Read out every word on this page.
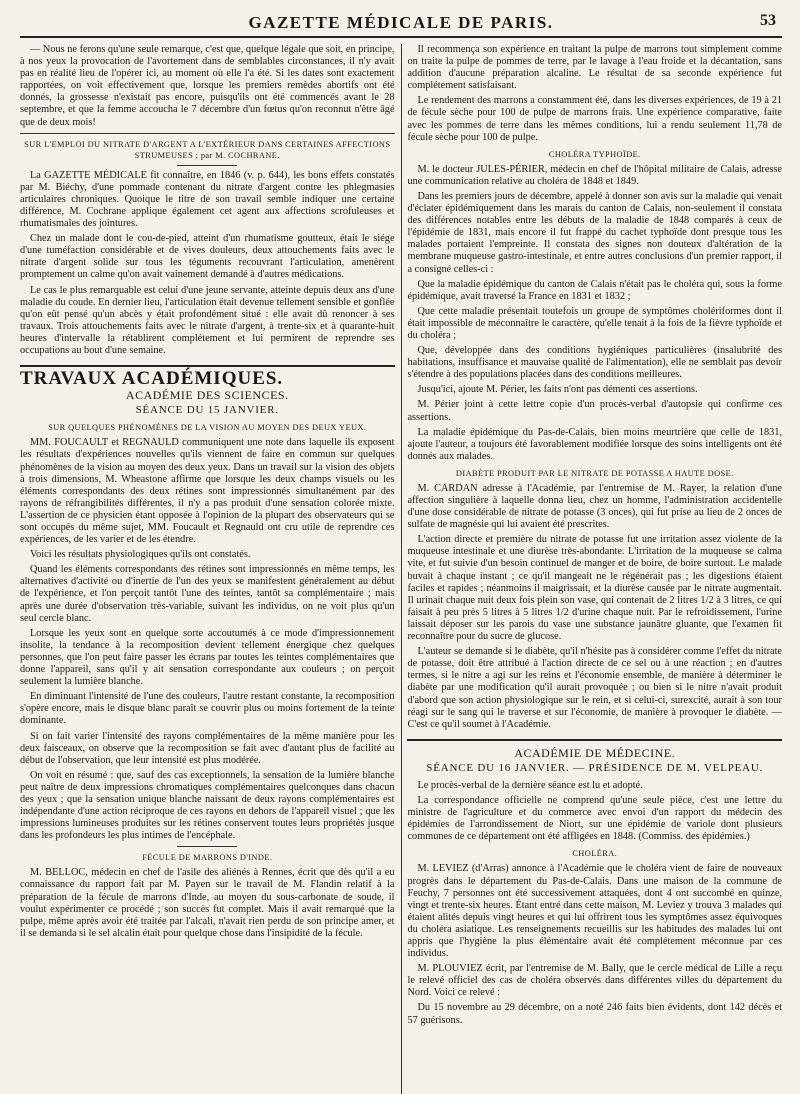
GAZETTE MÉDICALE DE PARIS.	53

— Nous ne ferons qu'une seule remarque, c'est que, quelque légale que soit, en principe, à nos yeux la provocation de l'avortement dans de semblables circonstances, il n'y avait pas en réalité lieu de l'opérer ici, au moment où elle l'a été. Si les dates sont exactement rapportées, on voit effectivement que, lorsque les premiers remèdes abortifs ont été donnés, la grossesse n'existait pas encore, puisqu'ils ont été commencés avant le 28 septembre, et que la femme accoucha le 7 décembre d'un fœtus qu'on reconnut n'être âgé que de deux mois!

SUR L'EMPLOI DU NITRATE D'ARGENT A L'EXTÉRIEUR DANS CERTAINES AFFECTIONS STRUMEUSES ; par M. COCHRANE.

La GAZETTE MÉDICALE fit connaître, en 1846 (v. p. 644), les bons effets constatés par M. Biéchy, d'une pommade contenant du nitrate d'argent contre les phlegmasies articulaires chroniques. Quoique le titre de son travail semble indiquer une certaine différence, M. Cochrane applique également cet agent aux affections scrofuleuses et rhumatismales des jointures.

Chez un malade dont le cou-de-pied, atteint d'un rhumatisme goutteux, était le siége d'une tuméfaction considérable et de vives douleurs, deux attouchements faits avec le nitrate d'argent solide sur tous les téguments recouvrant l'articulation, amenèrent promptement un calme qu'on avait vainement demandé à d'autres médications.

Le cas le plus remarquable est celui d'une jeune servante, atteinte depuis deux ans d'une maladie du coude. En dernier lieu, l'articulation était devenue tellement sensible et gonflée qu'on eût pensé qu'un abcès y était profondément situé : elle avait dû renoncer à ses travaux. Trois attouchements faits avec le nitrate d'argent, à trente-six et à quarante-huit heures d'intervalle la rétablirent complétement et lui permirent de reprendre ses occupations au bout d'une semaine.

TRAVAUX ACADÉMIQUES.
ACADÉMIE DES SCIENCES.
SÉANCE DU 15 JANVIER.
SUR QUELQUES PHÉNOMÈNES DE LA VISION AU MOYEN DES DEUX YEUX.

MM. FOUCAULT et REGNAULD communiquent une note dans laquelle ils exposent les résultats d'expériences nouvelles qu'ils viennent de faire en commun sur quelques phénomènes de la vision au moyen des deux yeux. Dans un travail sur la vision des objets à trois dimensions, M. Wheastone affirme que lorsque les deux champs visuels ou les éléments correspondants des deux rétines sont impressionnés simultanément par des rayons de réfrangibilités différentes, il n'y a pas produit d'une sensation colorée mixte. L'assertion de ce physicien étant opposée à l'opinion de la plupart des observateurs qui se sont occupés du même sujet, MM. Foucault et Regnauld ont cru utile de reprendre ces expériences, de les varier et de les étendre.

Voici les résultats physiologiques qu'ils ont constatés.

Quand les éléments correspondants des rétines sont impressionnés en même temps, les alternatives d'activité ou d'inertie de l'un des yeux se manifestent généralement au début de l'expérience, et l'on perçoit tantôt l'une des teintes, tantôt sa complémentaire ; mais après une durée d'observation très-variable, suivant les individus, on ne voit plus qu'un seul cercle blanc.

Lorsque les yeux sont en quelque sorte accoutumés à ce mode d'impressionnement insolite, la tendance à la recomposition devient tellement énergique chez quelques personnes, que l'on peut faire passer les écrans par toutes les teintes complémentaires que donne l'appareil, sans qu'il y ait sensation correspondante aux couleurs ; on perçoit seulement la lumière blanche.

En diminuant l'intensité de l'une des couleurs, l'autre restant constante, la recomposition s'opère encore, mais le disque blanc paraît se couvrir plus ou moins fortement de la teinte dominante.

Si on fait varier l'intensité des rayons complémentaires de la même manière pour les deux faisceaux, on observe que la recomposition se fait avec d'autant plus de facilité au début de l'observation, que leur intensité est plus modérée.

On voit en résumé : que, sauf des cas exceptionnels, la sensation de la lumière blanche peut naître de deux impressions chromatiques complémentaires quelconques dans chacun des yeux ; que la sensation unique blanche naissant de deux rayons complémentaires est indépendante d'une action réciproque de ces rayons en dehors de l'appareil visuel ; que les impressions lumineuses produites sur les rétines conservent toutes leurs propriétés jusque dans les profondeurs les plus intimes de l'encéphale.

FÉCULE DE MARRONS D'INDE.

M. BELLOC, médecin en chef de l'asile des aliénés à Rennes, écrit que dès qu'il a eu connaissance du rapport fait par M. Payen sur le travail de M. Flandin relatif à la préparation de la fécule de marrons d'Inde, au moyen du sous-carbonate de soude, il voulut expérimenter ce procédé ; son succès fut complet. Mais il avait remarqué que la pulpe, même après avoir été traitée par l'alcali, n'avait rien perdu de son principe amer, et il se demanda si le sel alcalin était pour quelque chose dans l'insipidité de la fécule.

Il recommença son expérience en traitant la pulpe de marrons tout simplement comme on traite la pulpe de pommes de terre, par le lavage à l'eau froide et la décantation, sans addition d'aucune préparation alcaline. Le résultat de sa seconde expérience fut complétement satisfaisant.

Le rendement des marrons a constamment été, dans les diverses expériences, de 19 à 21 de fécule sèche pour 100 de pulpe de marrons frais. Une expérience comparative, faite avec les pommes de terre dans les mêmes conditions, lui a rendu seulement 11,78 de fécule sèche pour 100 de pulpe.

CHOLÉRA TYPHOÏDE.

M. le docteur JULES-PÉRIER, médecin en chef de l'hôpital militaire de Calais, adresse une communication relative au choléra de 1848 et 1849.

Dans les premiers jours de décembre, appelé à donner son avis sur la maladie qui venait d'éclater épidémiquement dans les marais du canton de Calais, non-seulement il constata des différences notables entre les débuts de la maladie de 1848 comparés à ceux de l'épidémie de 1831, mais encore il fut frappé du cachet typhoïde dont presque tous les malades portaient l'empreinte. Il constata des signes non douteux d'altération de la membrane muqueuse gastro-intestinale, et entre autres conclusions d'un premier rapport, il a consigné celles-ci :

Que la maladie épidémique du canton de Calais n'était pas le choléra qui, sous la forme épidémique, avait traversé la France en 1831 et 1832 ;

Que cette maladie présentait toutefois un groupe de symptômes cholériformes dont il était impossible de méconnaître le caractère, qu'elle tenait à la fois de la fièvre typhoïde et du choléra ;

Que, développée dans des conditions hygiéniques particulières (insalubrité des habitations, insuffisance et mauvaise qualité de l'alimentation), elle ne semblait pas devoir s'étendre à des populations placées dans des conditions meilleures.

Jusqu'ici, ajoute M. Périer, les faits n'ont pas démenti ces assertions.

M. Périer joint à cette lettre copie d'un procès-verbal d'autopsie qui confirme ces assertions.

La maladie épidémique du Pas-de-Calais, bien moins meurtrière que celle de 1831, ajoute l'auteur, a toujours été favorablement modifiée lorsque des soins intelligents ont été donnés aux malades.

DIABÈTE PRODUIT PAR LE NITRATE DE POTASSE A HAUTE DOSE.

M. CARDAN adresse à l'Académie, par l'entremise de M. Rayer, la relation d'une affection singulière à laquelle donna lieu, chez un homme, l'administration accidentelle d'une dose considérable de nitrate de potasse (3 onces), qui fut prise au lieu de 2 onces de sulfate de magnésie qui lui avaient été prescrites.

L'action directe et première du nitrate de potasse fut une irritation assez violente de la muqueuse intestinale et une diurèse très-abondante. L'irritation de la muqueuse se calma vite, et fut suivie d'un besoin continuel de manger et de boire, de boire surtout. Le malade buvait à chaque instant ; ce qu'il mangeait ne le régénérait pas ; les digestions étaient faciles et rapides ; néanmoins il maigrissait, et la diurèse causée par le nitrate augmentait. Il urinait chaque nuit deux fois plein son vase, qui contenait de 2 litres 1/2 à 3 litres, ce qui faisait à peu près 5 litres à 5 litres 1/2 d'urine chaque nuit. Par le refroidissement, l'urine laissait déposer sur les parois du vase une substance jaunâtre gluante, que l'examen fit reconnaître pour du sucre de glucose.

L'auteur se demande si le diabète, qu'il n'hésite pas à considérer comme l'effet du nitrate de potasse, doit être attribué à l'action directe de ce sel ou à une réaction ; en d'autres termes, si le nitre a agi sur les reins et l'économie ensemble, de manière à déterminer le diabète par une modification qu'il aurait provoquée ; ou bien si le nitre n'avait produit d'abord que son action physiologique sur le rein, et si celui-ci, surexcité, aurait à son tour réagi sur le sang qui le traverse et sur l'économie, de manière à provoquer le diabète. — C'est ce qu'il soumet à l'Académie.

ACADÉMIE DE MÉDECINE.
SÉANCE DU 16 JANVIER. — PRÉSIDENCE DE M. VELPEAU.

Le procès-verbal de la dernière séance est lu et adopté.

La correspondance officielle ne comprend qu'une seule pièce, c'est une lettre du ministre de l'agriculture et du commerce avec envoi d'un rapport du médecin des épidémies de l'arrondissement de Niort, sur une épidémie de variole dont plusieurs communes de ce département ont été affligées en 1848. (Commiss. des épidémies.)

CHOLÉRA.

M. LEVIEZ (d'Arras) annonce à l'Académie que le choléra vient de faire de nouveaux progrès dans le département du Pas-de-Calais. Dans une maison de la commune de Feuchy, 7 personnes ont été successivement attaquées, dont 4 ont succombé en quinze, vingt et trente-six heures. Étant entré dans cette maison, M. Leviez y trouva 3 malades qui étaient alités depuis vingt heures et qui lui offrirent tous les symptômes assez équivoques du choléra asiatique. Les renseignements recueillis sur les habitudes des malades lui ont appris que l'hygiène la plus élémentaire avait été complétement méconnue par ces individus.

M. PLOUVIEZ écrit, par l'entremise de M. Bally, que le cercle médical de Lille a reçu le relevé officiel des cas de choléra observés dans différentes villes du département du Nord. Voici ce relevé :

Du 15 novembre au 29 décembre, on a noté 246 faits bien évidents, dont 142 décès et 57 guérisons.
